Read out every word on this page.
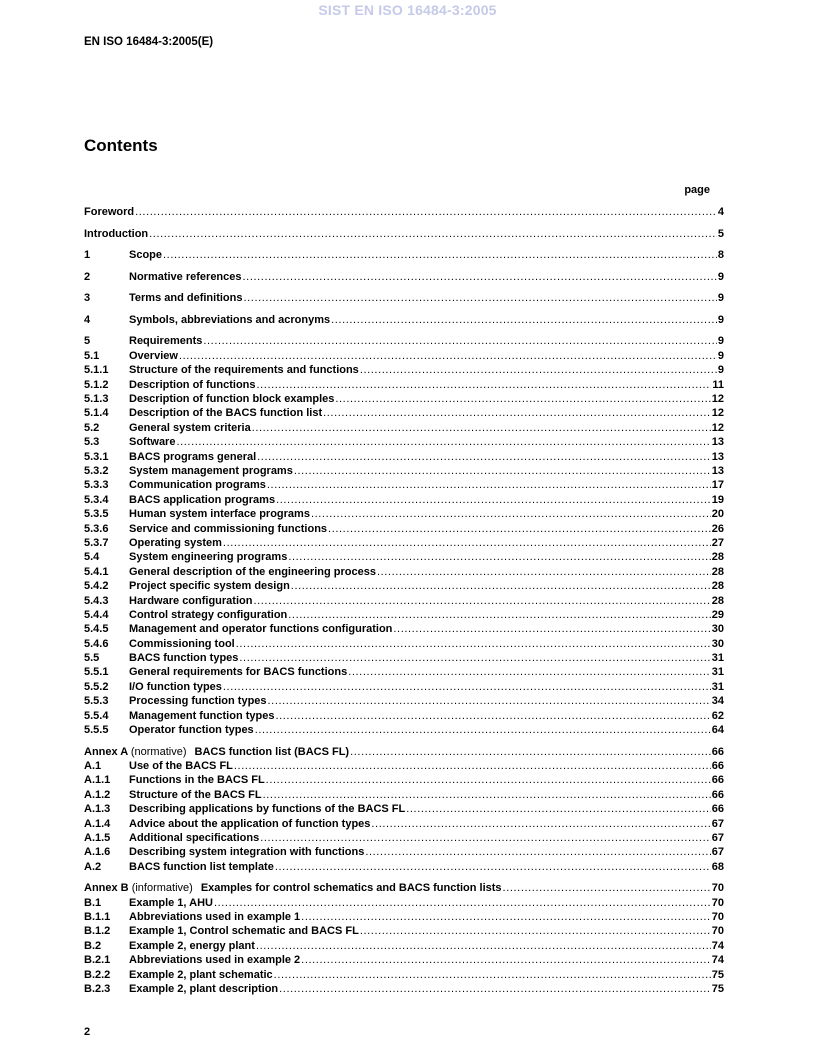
SIST EN ISO 16484-3:2005
EN ISO 16484-3:2005(E)
Contents
page
Foreword .....	4
Introduction .....	5
1	Scope .....	8
2	Normative references .....	9
3	Terms and definitions .....	9
4	Symbols, abbreviations and acronyms .....	9
5	Requirements .....	9
5.1	Overview .....	9
5.1.1	Structure of the requirements and functions .....	9
5.1.2	Description of functions .....	11
5.1.3	Description of function block examples .....	12
5.1.4	Description of the BACS function list .....	12
5.2	General system criteria .....	12
5.3	Software .....	13
5.3.1	BACS programs general .....	13
5.3.2	System management programs .....	13
5.3.3	Communication programs .....	17
5.3.4	BACS application programs .....	19
5.3.5	Human system interface programs .....	20
5.3.6	Service and commissioning functions .....	26
5.3.7	Operating system .....	27
5.4	System engineering programs .....	28
5.4.1	General description of the engineering process .....	28
5.4.2	Project specific system design .....	28
5.4.3	Hardware configuration .....	28
5.4.4	Control strategy configuration .....	29
5.4.5	Management and operator functions configuration .....	30
5.4.6	Commissioning tool .....	30
5.5	BACS function types .....	31
5.5.1	General requirements for BACS functions .....	31
5.5.2	I/O function types .....	31
5.5.3	Processing function types .....	34
5.5.4	Management function types .....	62
5.5.5	Operator function types .....	64
Annex A (normative) BACS function list (BACS FL) .....	66
A.1	Use of the BACS FL .....	66
A.1.1	Functions in the BACS FL .....	66
A.1.2	Structure of the BACS FL .....	66
A.1.3	Describing applications by functions of the BACS FL .....	66
A.1.4	Advice about the application of function types .....	67
A.1.5	Additional specifications .....	67
A.1.6	Describing system integration with functions .....	67
A.2	BACS function list template .....	68
Annex B (informative) Examples for control schematics and BACS function lists .....	70
B.1	Example 1, AHU .....	70
B.1.1	Abbreviations used in example 1 .....	70
B.1.2	Example 1, Control schematic and BACS FL .....	70
B.2	Example 2, energy plant .....	74
B.2.1	Abbreviations used in example 2 .....	74
B.2.2	Example 2, plant schematic .....	75
B.2.3	Example 2, plant description .....	75
2
